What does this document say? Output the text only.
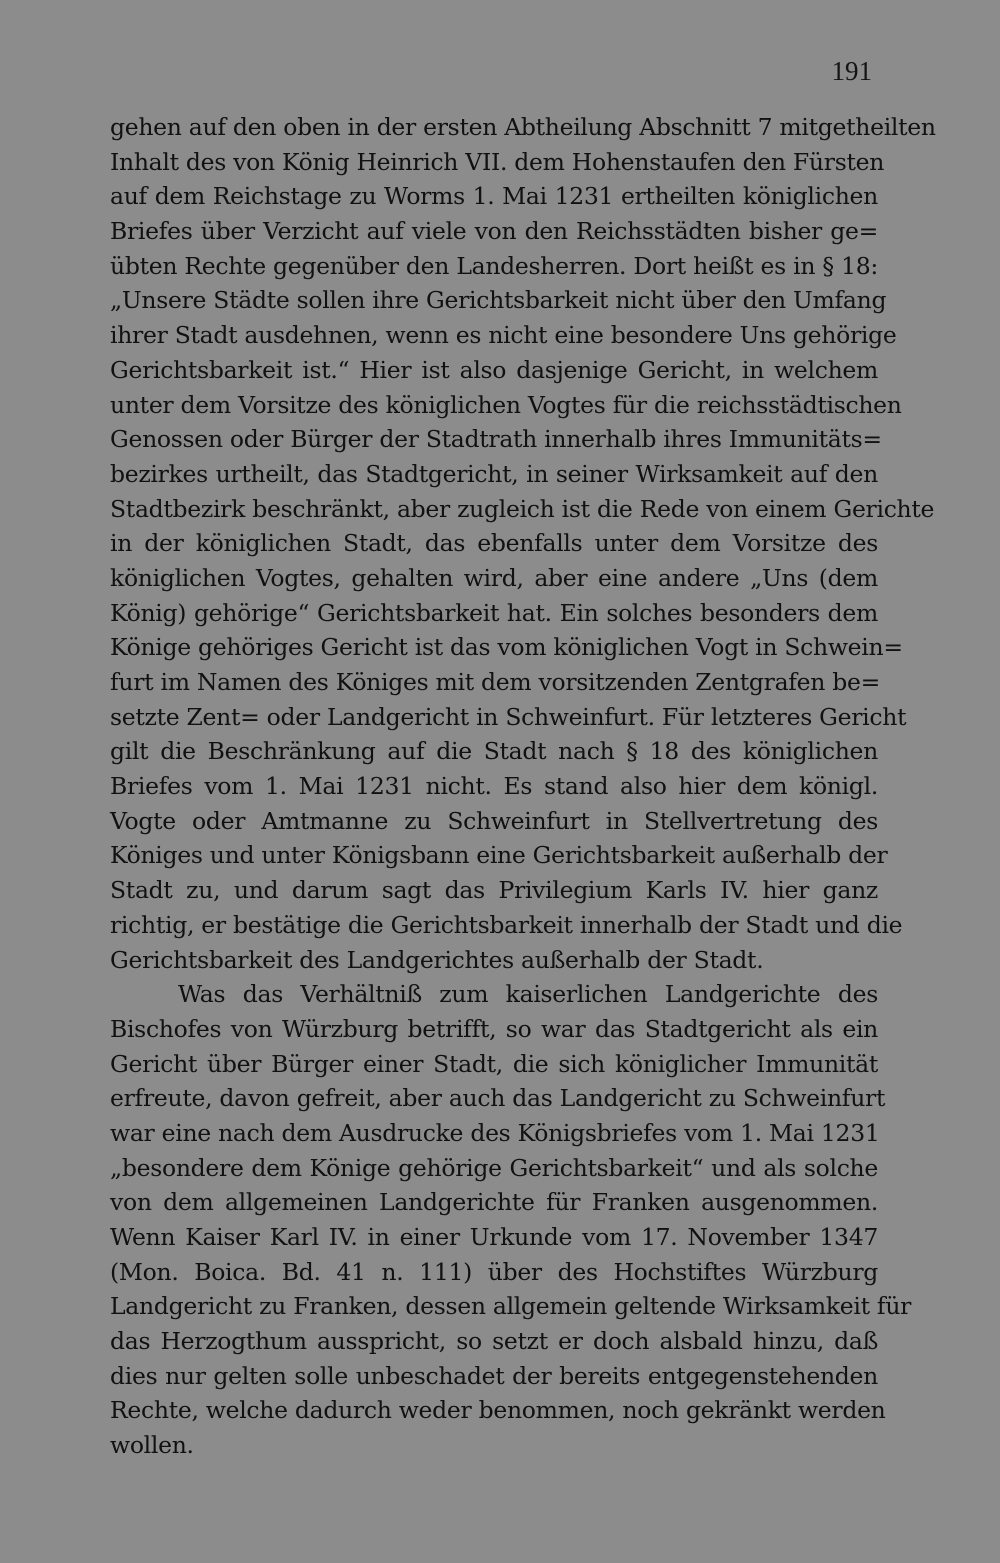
191
gehen auf den oben in der ersten Abtheilung Abschnitt 7 mitgetheilten
Inhalt des von König Heinrich VII. dem Hohenstaufen den Fürsten
auf dem Reichstage zu Worms 1. Mai 1231 ertheilten königlichen
Briefes über Verzicht auf viele von den Reichsstädten bisher ge=
übten Rechte gegenüber den Landesherren. Dort heißt es in § 18:
„Unsere Städte sollen ihre Gerichtsbarkeit nicht über den Umfang
ihrer Stadt ausdehnen, wenn es nicht eine besondere Uns gehörige
Gerichtsbarkeit ist.“ Hier ist also dasjenige Gericht, in welchem
unter dem Vorsitze des königlichen Vogtes für die reichsstädtischen
Genossen oder Bürger der Stadtrath innerhalb ihres Immunitäts=
bezirkes urtheilt, das Stadtgericht, in seiner Wirksamkeit auf den
Stadtbezirk beschränkt, aber zugleich ist die Rede von einem Gerichte
in der königlichen Stadt, das ebenfalls unter dem Vorsitze des
königlichen Vogtes, gehalten wird, aber eine andere „Uns (dem
König) gehörige“ Gerichtsbarkeit hat. Ein solches besonders dem
Könige gehöriges Gericht ist das vom königlichen Vogt in Schwein=
furt im Namen des Königes mit dem vorsitzenden Zentgrafen be=
setzte Zent= oder Landgericht in Schweinfurt. Für letzteres Gericht
gilt die Beschränkung auf die Stadt nach § 18 des königlichen
Briefes vom 1. Mai 1231 nicht. Es stand also hier dem königl.
Vogte oder Amtmanne zu Schweinfurt in Stellvertretung des
Königes und unter Königsbann eine Gerichtsbarkeit außerhalb der
Stadt zu, und darum sagt das Privilegium Karls IV. hier ganz
richtig, er bestätige die Gerichtsbarkeit innerhalb der Stadt und die
Gerichtsbarkeit des Landgerichtes außerhalb der Stadt.
Was das Verhältniß zum kaiserlichen Landgerichte des
Bischofes von Würzburg betrifft, so war das Stadtgericht als ein
Gericht über Bürger einer Stadt, die sich königlicher Immunität
erfreute, davon gefreit, aber auch das Landgericht zu Schweinfurt
war eine nach dem Ausdrucke des Königsbriefes vom 1. Mai 1231
„besondere dem Könige gehörige Gerichtsbarkeit“ und als solche
von dem allgemeinen Landgerichte für Franken ausgenommen.
Wenn Kaiser Karl IV. in einer Urkunde vom 17. November 1347
(Mon. Boica. Bd. 41 n. 111) über des Hochstiftes Würzburg
Landgericht zu Franken, dessen allgemein geltende Wirksamkeit für
das Herzogthum ausspricht, so setzt er doch alsbald hinzu, daß
dies nur gelten solle unbeschadet der bereits entgegenstehenden
Rechte, welche dadurch weder benommen, noch gekränkt werden
wollen.
